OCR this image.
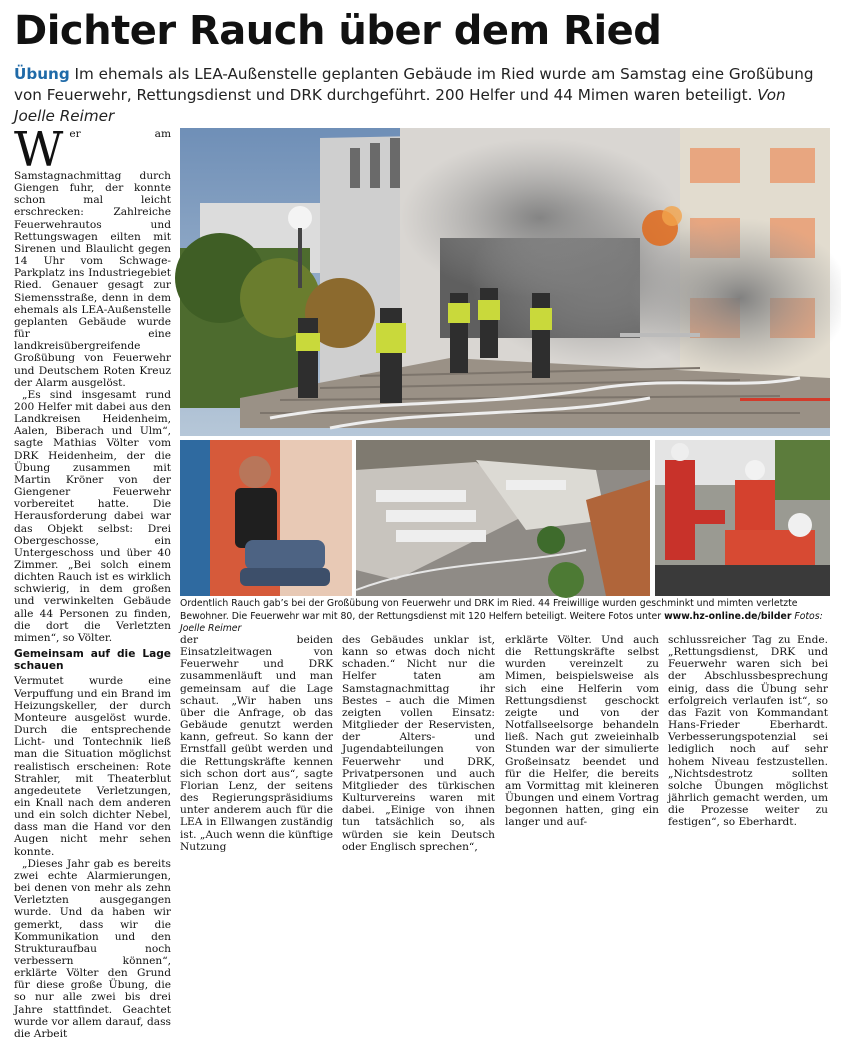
Dichter Rauch über dem Ried
Übung Im ehemals als LEA-Außenstelle geplanten Gebäude im Ried wurde am Samstag eine Großübung von Feuerwehr, Rettungsdienst und DRK durchgeführt. 200 Helfer und 44 Mimen waren beteiligt. Von Joelle Reimer
W er am Samstagnachmittag durch Giengen fuhr, der konnte schon mal leicht erschrecken: Zahlreiche Feuerwehrautos und Rettungswagen eilten mit Sirenen und Blaulicht gegen 14 Uhr vom Schwage-Parkplatz ins Industriegebiet Ried. Genauer gesagt zur Siemensstraße, denn in dem ehemals als LEA-Außenstelle geplanten Gebäude wurde für eine landkreisübergreifende Großübung von Feuerwehr und Deutschem Roten Kreuz der Alarm ausgelöst.

„Es sind insgesamt rund 200 Helfer mit dabei aus den Landkreisen Heidenheim, Aalen, Biberach und Ulm“, sagte Mathias Völter vom DRK Heidenheim, der die Übung zusammen mit Martin Kröner von der Giengener Feuerwehr vorbereitet hatte. Die Herausforderung dabei war das Objekt selbst: Drei Obergeschosse, ein Untergeschoss und über 40 Zimmer. „Bei solch einem dichten Rauch ist es wirklich schwierig, in dem großen und verwinkelten Gebäude alle 44 Personen zu finden, die dort die Verletzten mimen“, so Völter.

Gemeinsam auf die Lage schauen

Vermutet wurde eine Verpuffung und ein Brand im Heizungskeller, der durch Monteure ausgelöst wurde. Durch die entsprechende Licht- und Tontechnik ließ man die Situation möglichst realistisch erscheinen: Rote Strahler, mit Theaterblut angedeutete Verletzungen, ein Knall nach dem anderen und ein solch dichter Nebel, dass man die Hand vor den Augen nicht mehr sehen konnte.

„Dieses Jahr gab es bereits zwei echte Alarmierungen, bei denen von mehr als zehn Verletzten ausgegangen wurde. Und da haben wir gemerkt, dass wir die Kommunikation und den Strukturaufbau noch verbessern können“, erklärte Völter den Grund für diese große Übung, die so nur alle zwei bis drei Jahre stattfindet. Geachtet wurde vor allem darauf, dass die Arbeit

Ordentlich Rauch gab’s bei der Großübung von Feuerwehr und DRK im Ried. 44 Freiwillige wurden geschminkt und mimten verletzte Bewohner. Die Feuerwehr war mit 80, der Rettungsdienst mit 120 Helfern beteiligt. Weitere Fotos unter www.hz-online.de/bilder Fotos: Joelle Reimer

der beiden Einsatzleitwagen von Feuerwehr und DRK zusammenläuft und man gemeinsam auf die Lage schaut. „Wir haben uns über die Anfrage, ob das Gebäude genutzt werden kann, gefreut. So kann der Ernstfall geübt werden und die Rettungskräfte kennen sich schon dort aus“, sagte Florian Lenz, der seitens des Regierungspräsidiums unter anderem auch für die LEA in Ellwangen zuständig ist. „Auch wenn die künftige Nutzung

des Gebäudes unklar ist, kann so etwas doch nicht schaden.“ Nicht nur die Helfer taten am Samstagnachmittag ihr Bestes – auch die Mimen zeigten vollen Einsatz: Mitglieder der Reservisten, der Alters- und Jugendabteilungen von Feuerwehr und DRK, Privatpersonen und auch Mitglieder des türkischen Kulturvereins waren mit dabei. „Einige von ihnen tun tatsächlich so, als würden sie kein Deutsch oder Englisch sprechen“,

erklärte Völter. Und auch die Rettungskräfte selbst wurden vereinzelt zu Mimen, beispielsweise als sich eine Helferin vom Rettungsdienst geschockt zeigte und von der Notfallseelsorge behandeln ließ. Nach gut zweieinhalb Stunden war der simulierte Großeinsatz beendet und für die Helfer, die bereits am Vormittag mit kleineren Übungen und einem Vortrag begonnen hatten, ging ein langer und auf-

schlussreicher Tag zu Ende. „Rettungsdienst, DRK und Feuerwehr waren sich bei der Abschlussbesprechung einig, dass die Übung sehr erfolgreich verlaufen ist“, so das Fazit von Kommandant Hans-Frieder Eberhardt. Verbesserungspotenzial sei lediglich noch auf sehr hohem Niveau festzustellen. „Nichtsdestrotz sollten solche Übungen möglichst jährlich gemacht werden, um die Prozesse weiter zu festigen“, so Eberhardt.
